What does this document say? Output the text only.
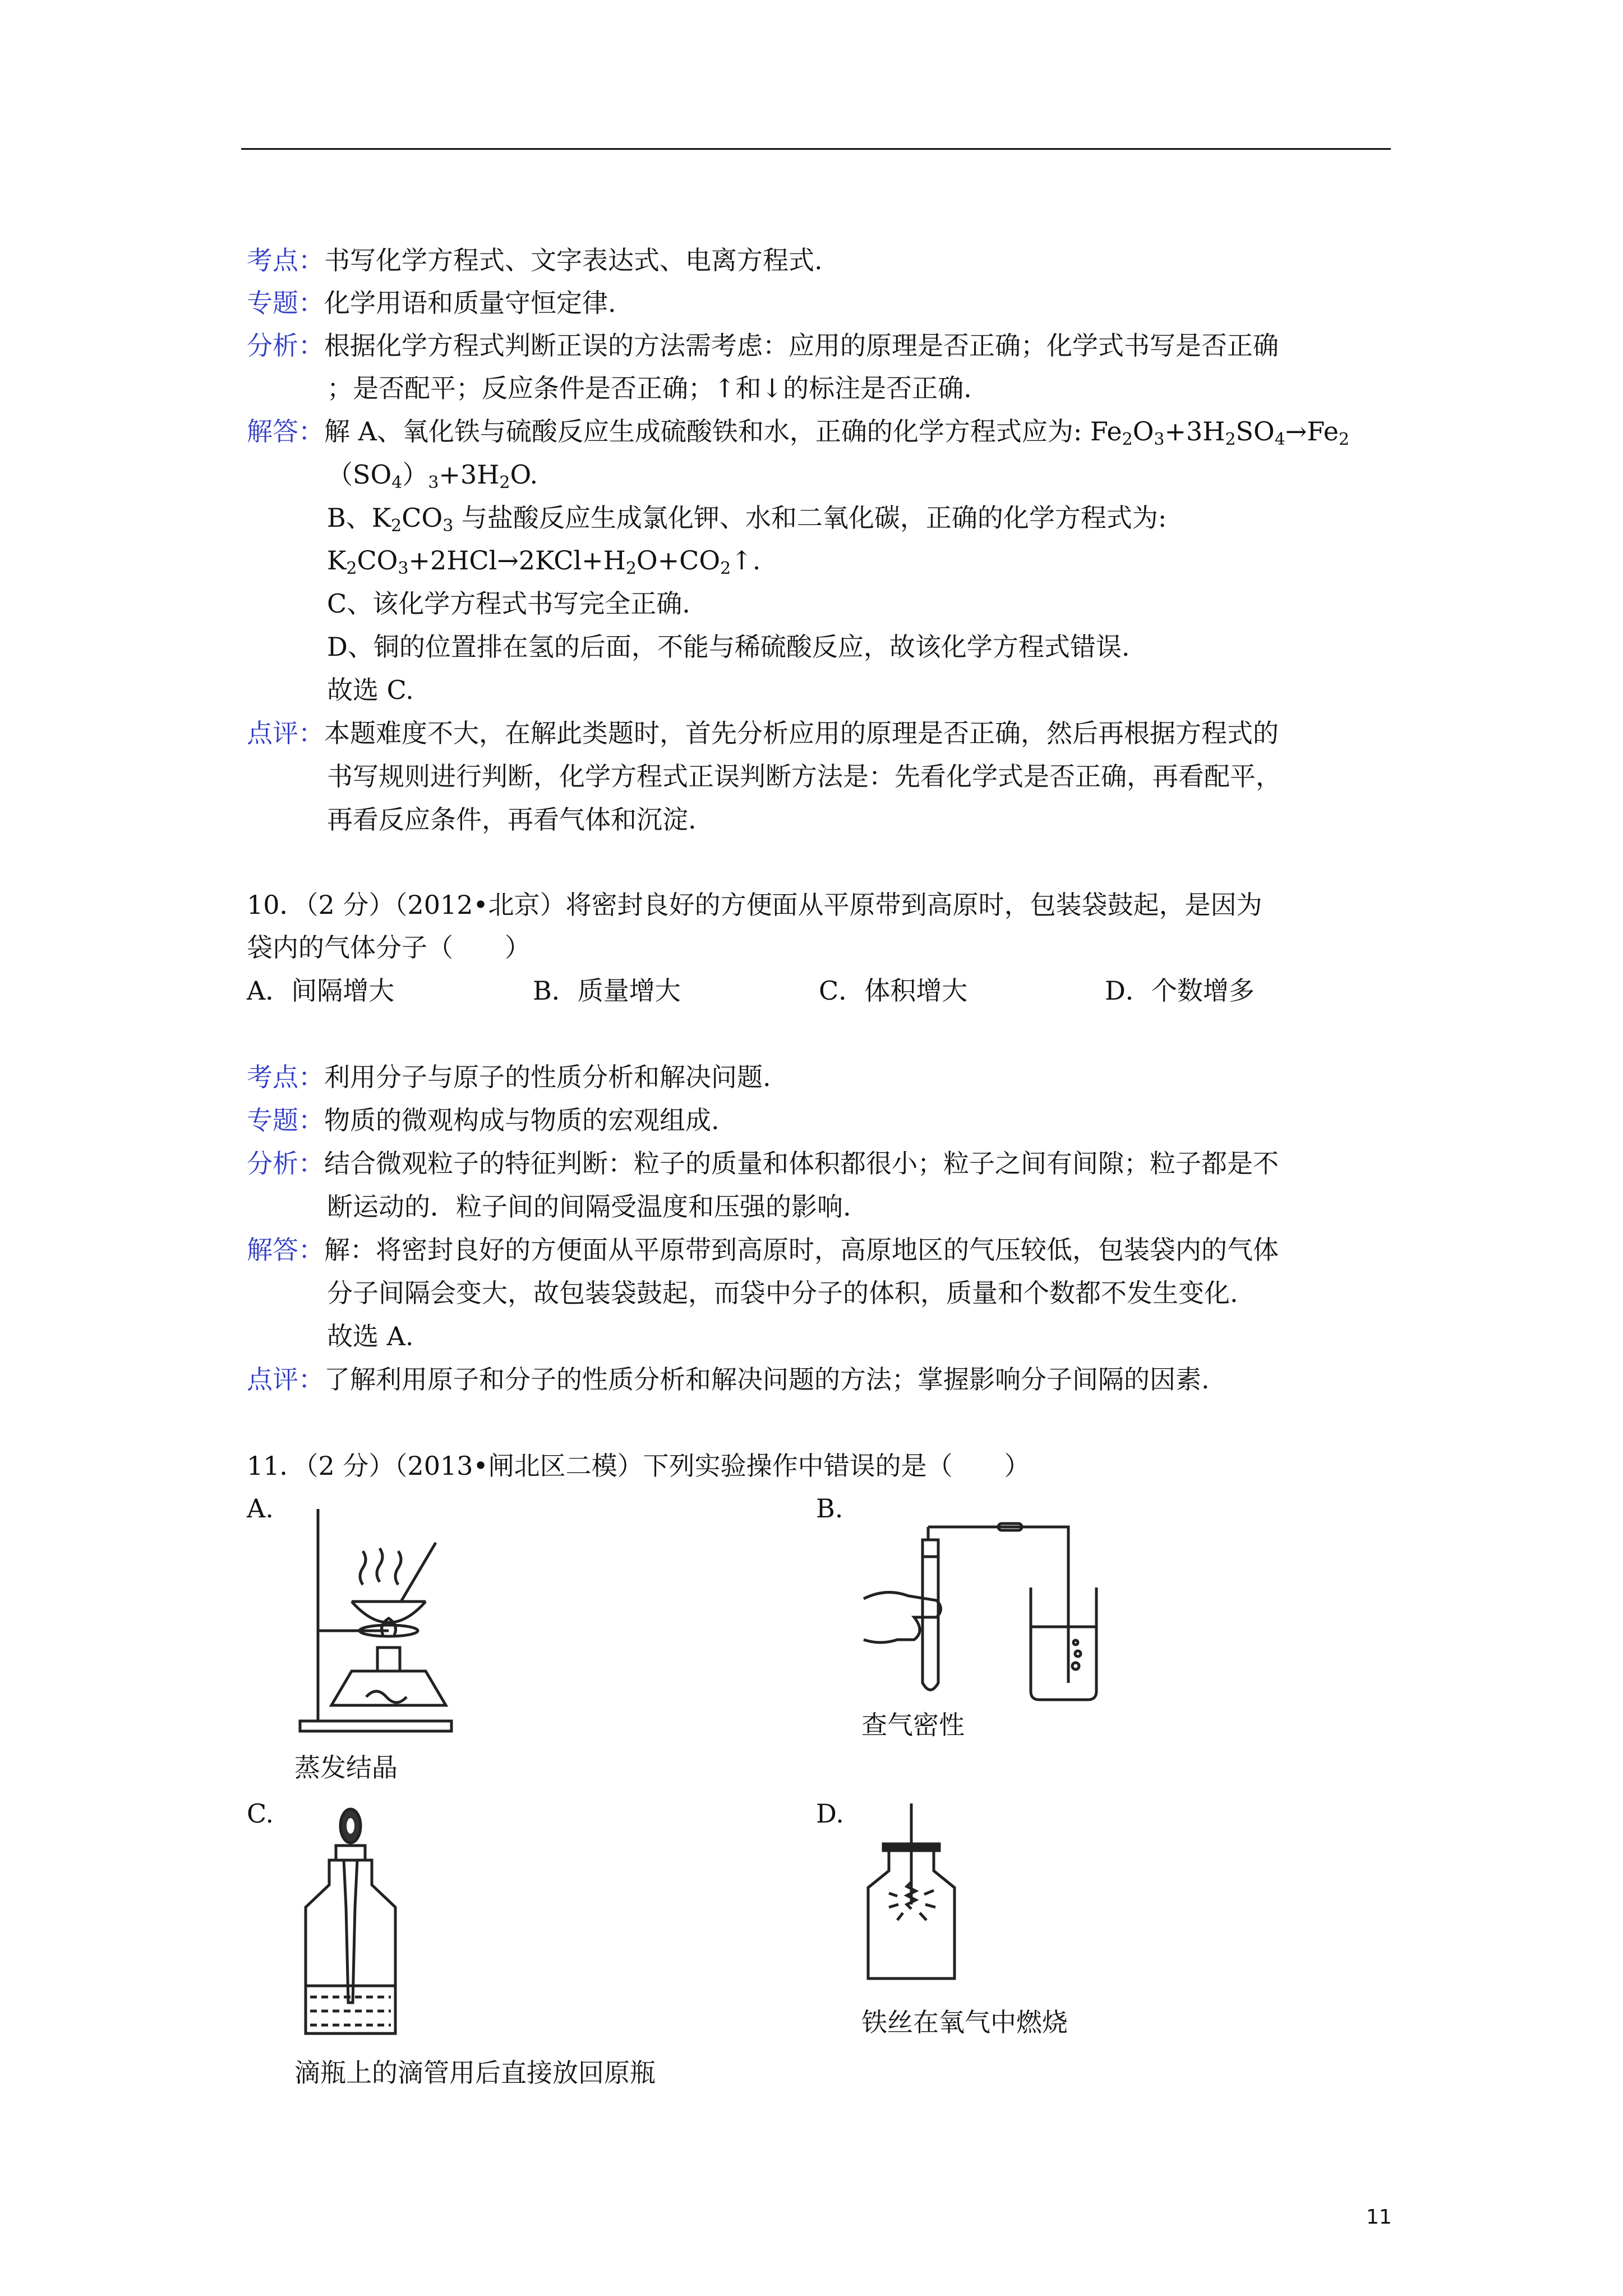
考点：书写化学方程式、文字表达式、电离方程式.
专题：化学用语和质量守恒定律.
分析：根据化学方程式判断正误的方法需考虑：应用的原理是否正确；化学式书写是否正确
；是否配平；反应条件是否正确；↑和↓的标注是否正确.
解答：解 A、氧化铁与硫酸反应生成硫酸铁和水，正确的化学方程式应为: $Fe_2O_3+3H_2SO_4\to Fe_2$
$(SO_4)_3+3H_2O$.
B、$K_2CO_3$ 与盐酸反应生成氯化钾、水和二氧化碳，正确的化学方程式为:
$K_2CO_3+2HCl\to 2KCl+H_2O+CO_2↑$.
C、该化学方程式书写完全正确.
D、铜的位置排在氢的后面，不能与稀硫酸反应，故该化学方程式错误.
故选 C.
点评：本题难度不大，在解此类题时，首先分析应用的原理是否正确，然后再根据方程式的
书写规则进行判断，化学方程式正误判断方法是：先看化学式是否正确，再看配平，
再看反应条件，再看气体和沉淀.
10．（2 分）（2012•北京）将密封良好的方便面从平原带到高原时，包装袋鼓起，是因为
袋内的气体分子（　　）
A．间隔增大	B．质量增大	C．体积增大	D．个数增多
考点：利用分子与原子的性质分析和解决问题.
专题：物质的微观构成与物质的宏观组成.
分析：结合微观粒子的特征判断：粒子的质量和体积都很小；粒子之间有间隙；粒子都是不
断运动的．粒子间的间隔受温度和压强的影响.
解答：解：将密封良好的方便面从平原带到高原时，高原地区的气压较低，包装袋内的气体
分子间隔会变大，故包装袋鼓起，而袋中分子的体积，质量和个数都不发生变化.
故选 A.
点评：了解利用原子和分子的性质分析和解决问题的方法；掌握影响分子间隔的因素.
11．（2 分）（2013•闸北区二模）下列实验操作中错误的是（　　）
A.
蒸发结晶
B.
查气密性
C.
滴瓶上的滴管用后直接放回原瓶
D.
铁丝在氧气中燃烧
11
